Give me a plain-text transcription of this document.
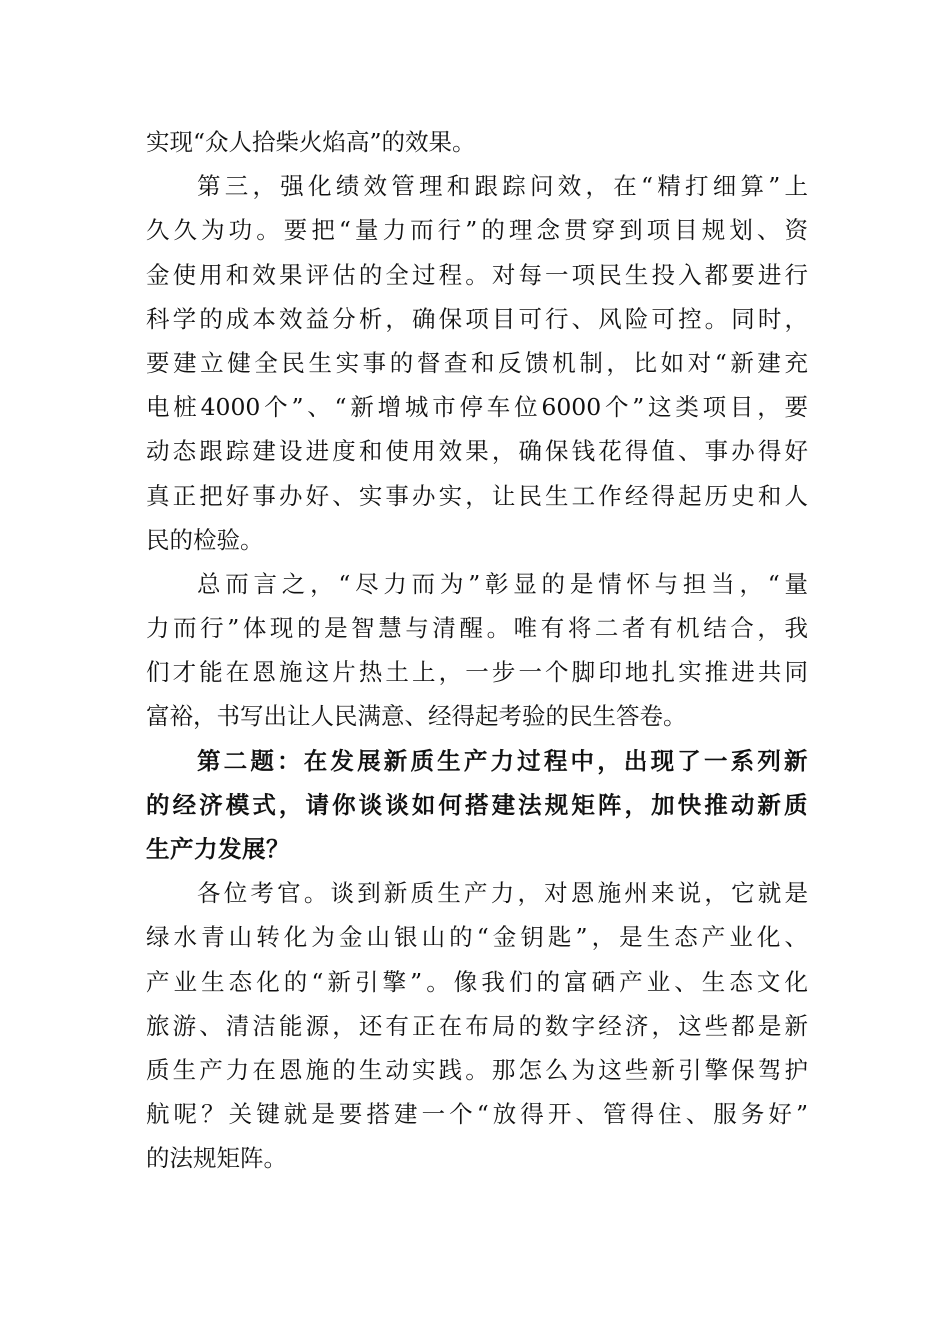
实现“众人拾柴火焰高”的效果。
第三，强化绩效管理和跟踪问效，在“精打细算”上
久久为功。要把“量力而行”的理念贯穿到项目规划、资
金使用和效果评估的全过程。对每一项民生投入都要进行
科学的成本效益分析，确保项目可行、风险可控。同时，
要建立健全民生实事的督查和反馈机制，比如对“新建充
电桩4000个”、“新增城市停车位6000个”这类项目，要
动态跟踪建设进度和使用效果，确保钱花得值、事办得好
真正把好事办好、实事办实，让民生工作经得起历史和人
民的检验。
总而言之，“尽力而为”彰显的是情怀与担当，“量
力而行”体现的是智慧与清醒。唯有将二者有机结合，我
们才能在恩施这片热土上，一步一个脚印地扎实推进共同
富裕，书写出让人民满意、经得起考验的民生答卷。
第二题：在发展新质生产力过程中，出现了一系列新
的经济模式，请你谈谈如何搭建法规矩阵，加快推动新质
生产力发展？
各位考官。谈到新质生产力，对恩施州来说，它就是
绿水青山转化为金山银山的“金钥匙”，是生态产业化、
产业生态化的“新引擎”。像我们的富硒产业、生态文化
旅游、清洁能源，还有正在布局的数字经济，这些都是新
质生产力在恩施的生动实践。那怎么为这些新引擎保驾护
航呢？关键就是要搭建一个“放得开、管得住、服务好”
的法规矩阵。
